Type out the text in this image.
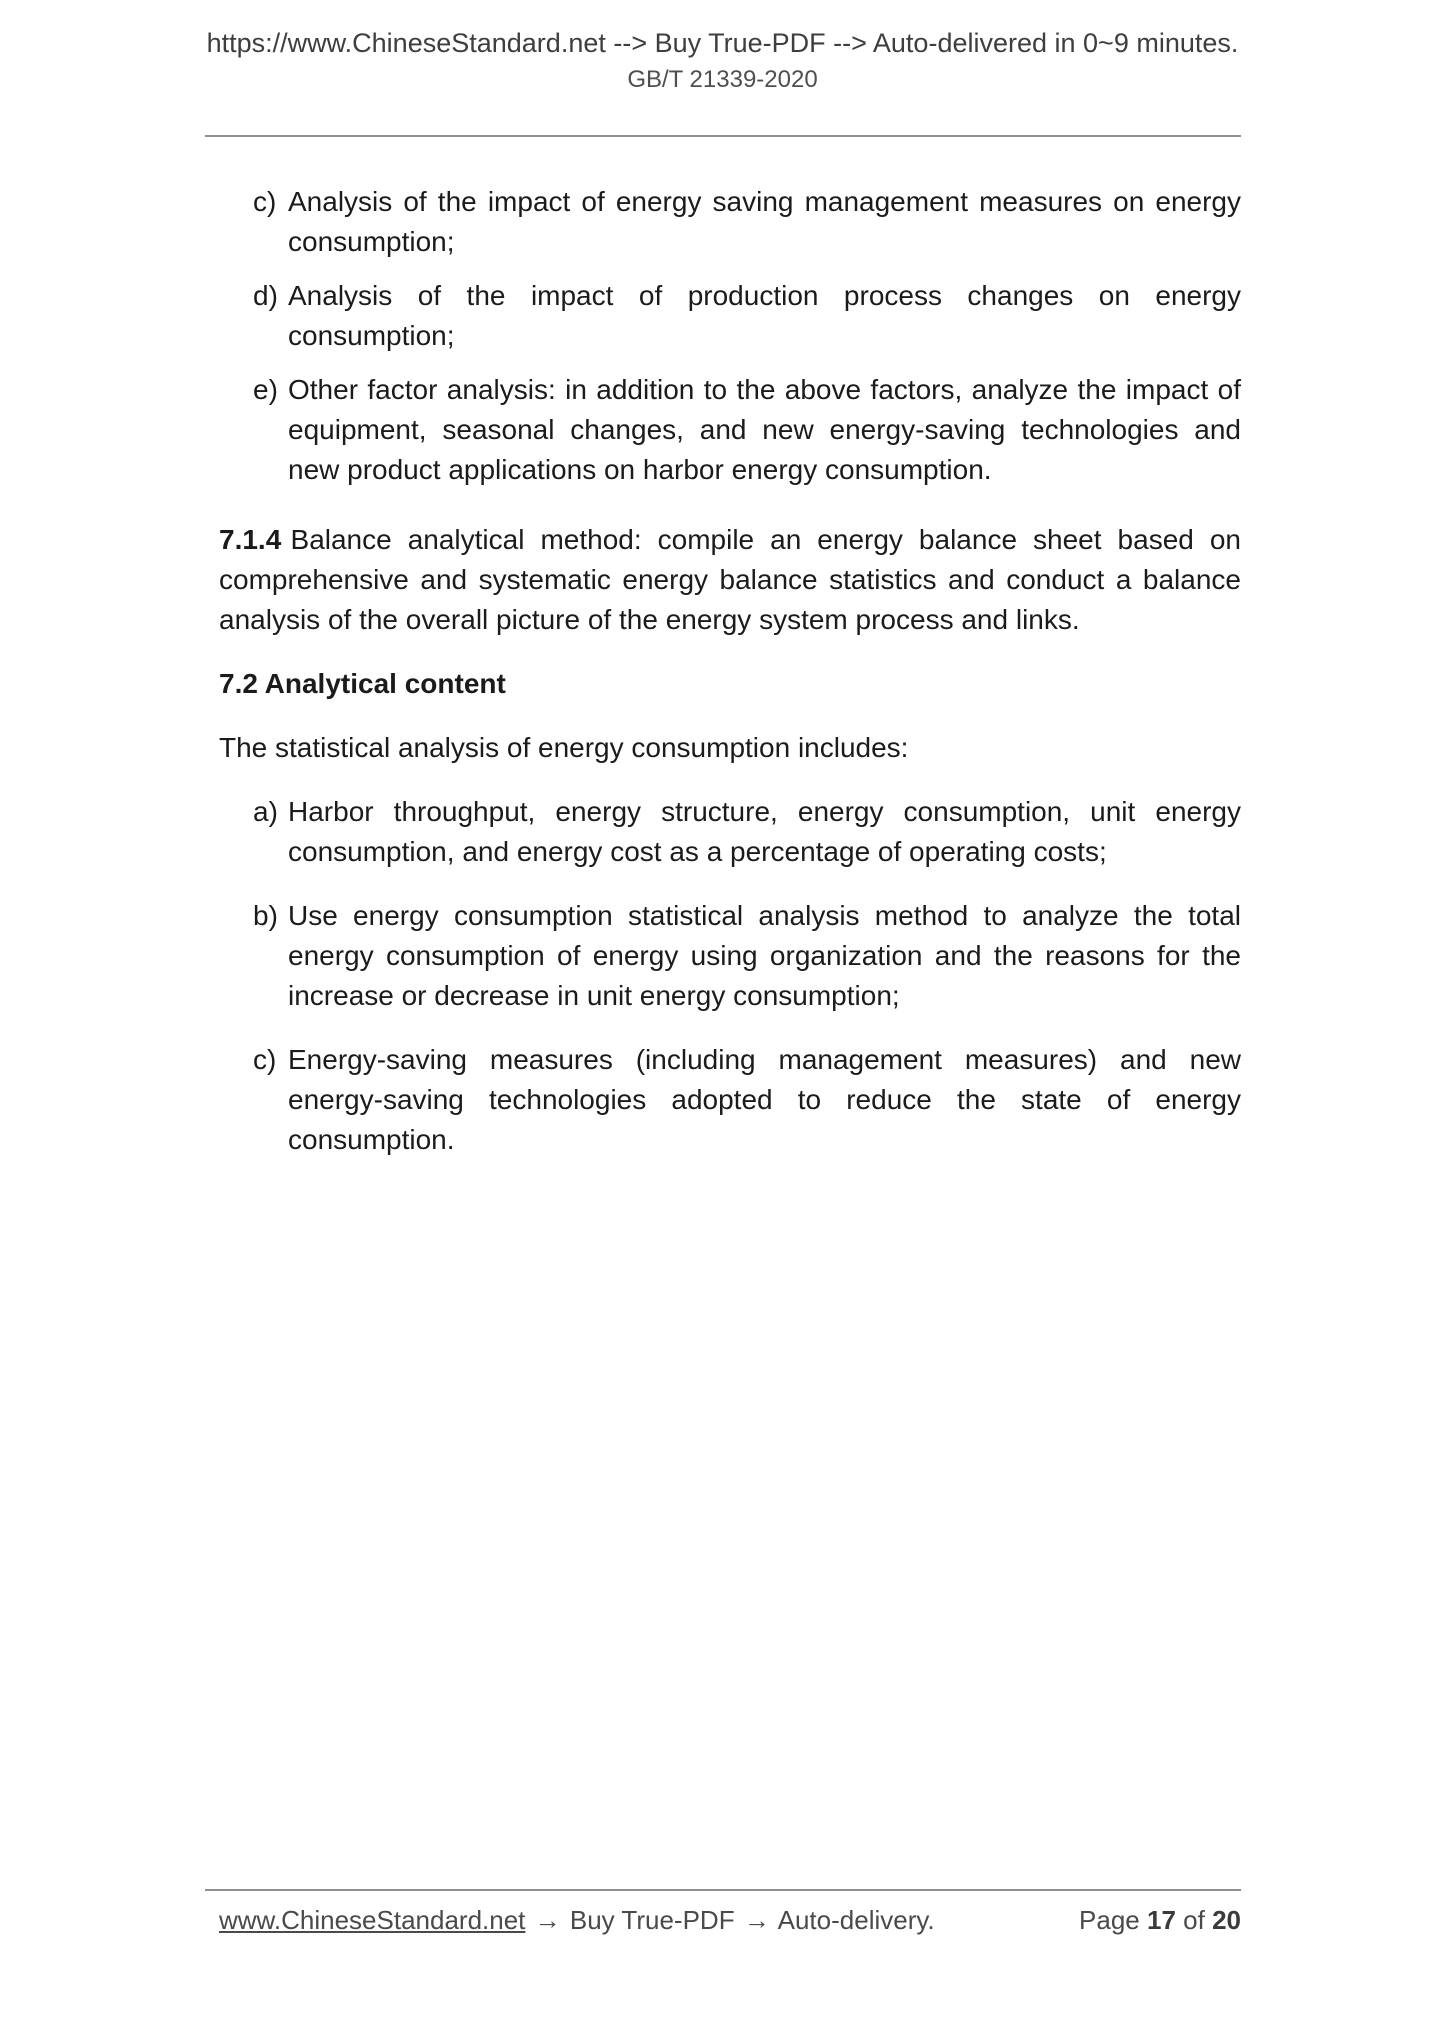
https://www.ChineseStandard.net --> Buy True-PDF --> Auto-delivered in 0~9 minutes.
GB/T 21339-2020
c) Analysis of the impact of energy saving management measures on energy consumption;
d) Analysis of the impact of production process changes on energy consumption;
e) Other factor analysis: in addition to the above factors, analyze the impact of equipment, seasonal changes, and new energy-saving technologies and new product applications on harbor energy consumption.

7.1.4 Balance analytical method: compile an energy balance sheet based on comprehensive and systematic energy balance statistics and conduct a balance analysis of the overall picture of the energy system process and links.

7.2 Analytical content

The statistical analysis of energy consumption includes:

a) Harbor throughput, energy structure, energy consumption, unit energy consumption, and energy cost as a percentage of operating costs;
b) Use energy consumption statistical analysis method to analyze the total energy consumption of energy using organization and the reasons for the increase or decrease in unit energy consumption;
c) Energy-saving measures (including management measures) and new energy-saving technologies adopted to reduce the state of energy consumption.
www.ChineseStandard.net → Buy True-PDF → Auto-delivery.	Page 17 of 20
